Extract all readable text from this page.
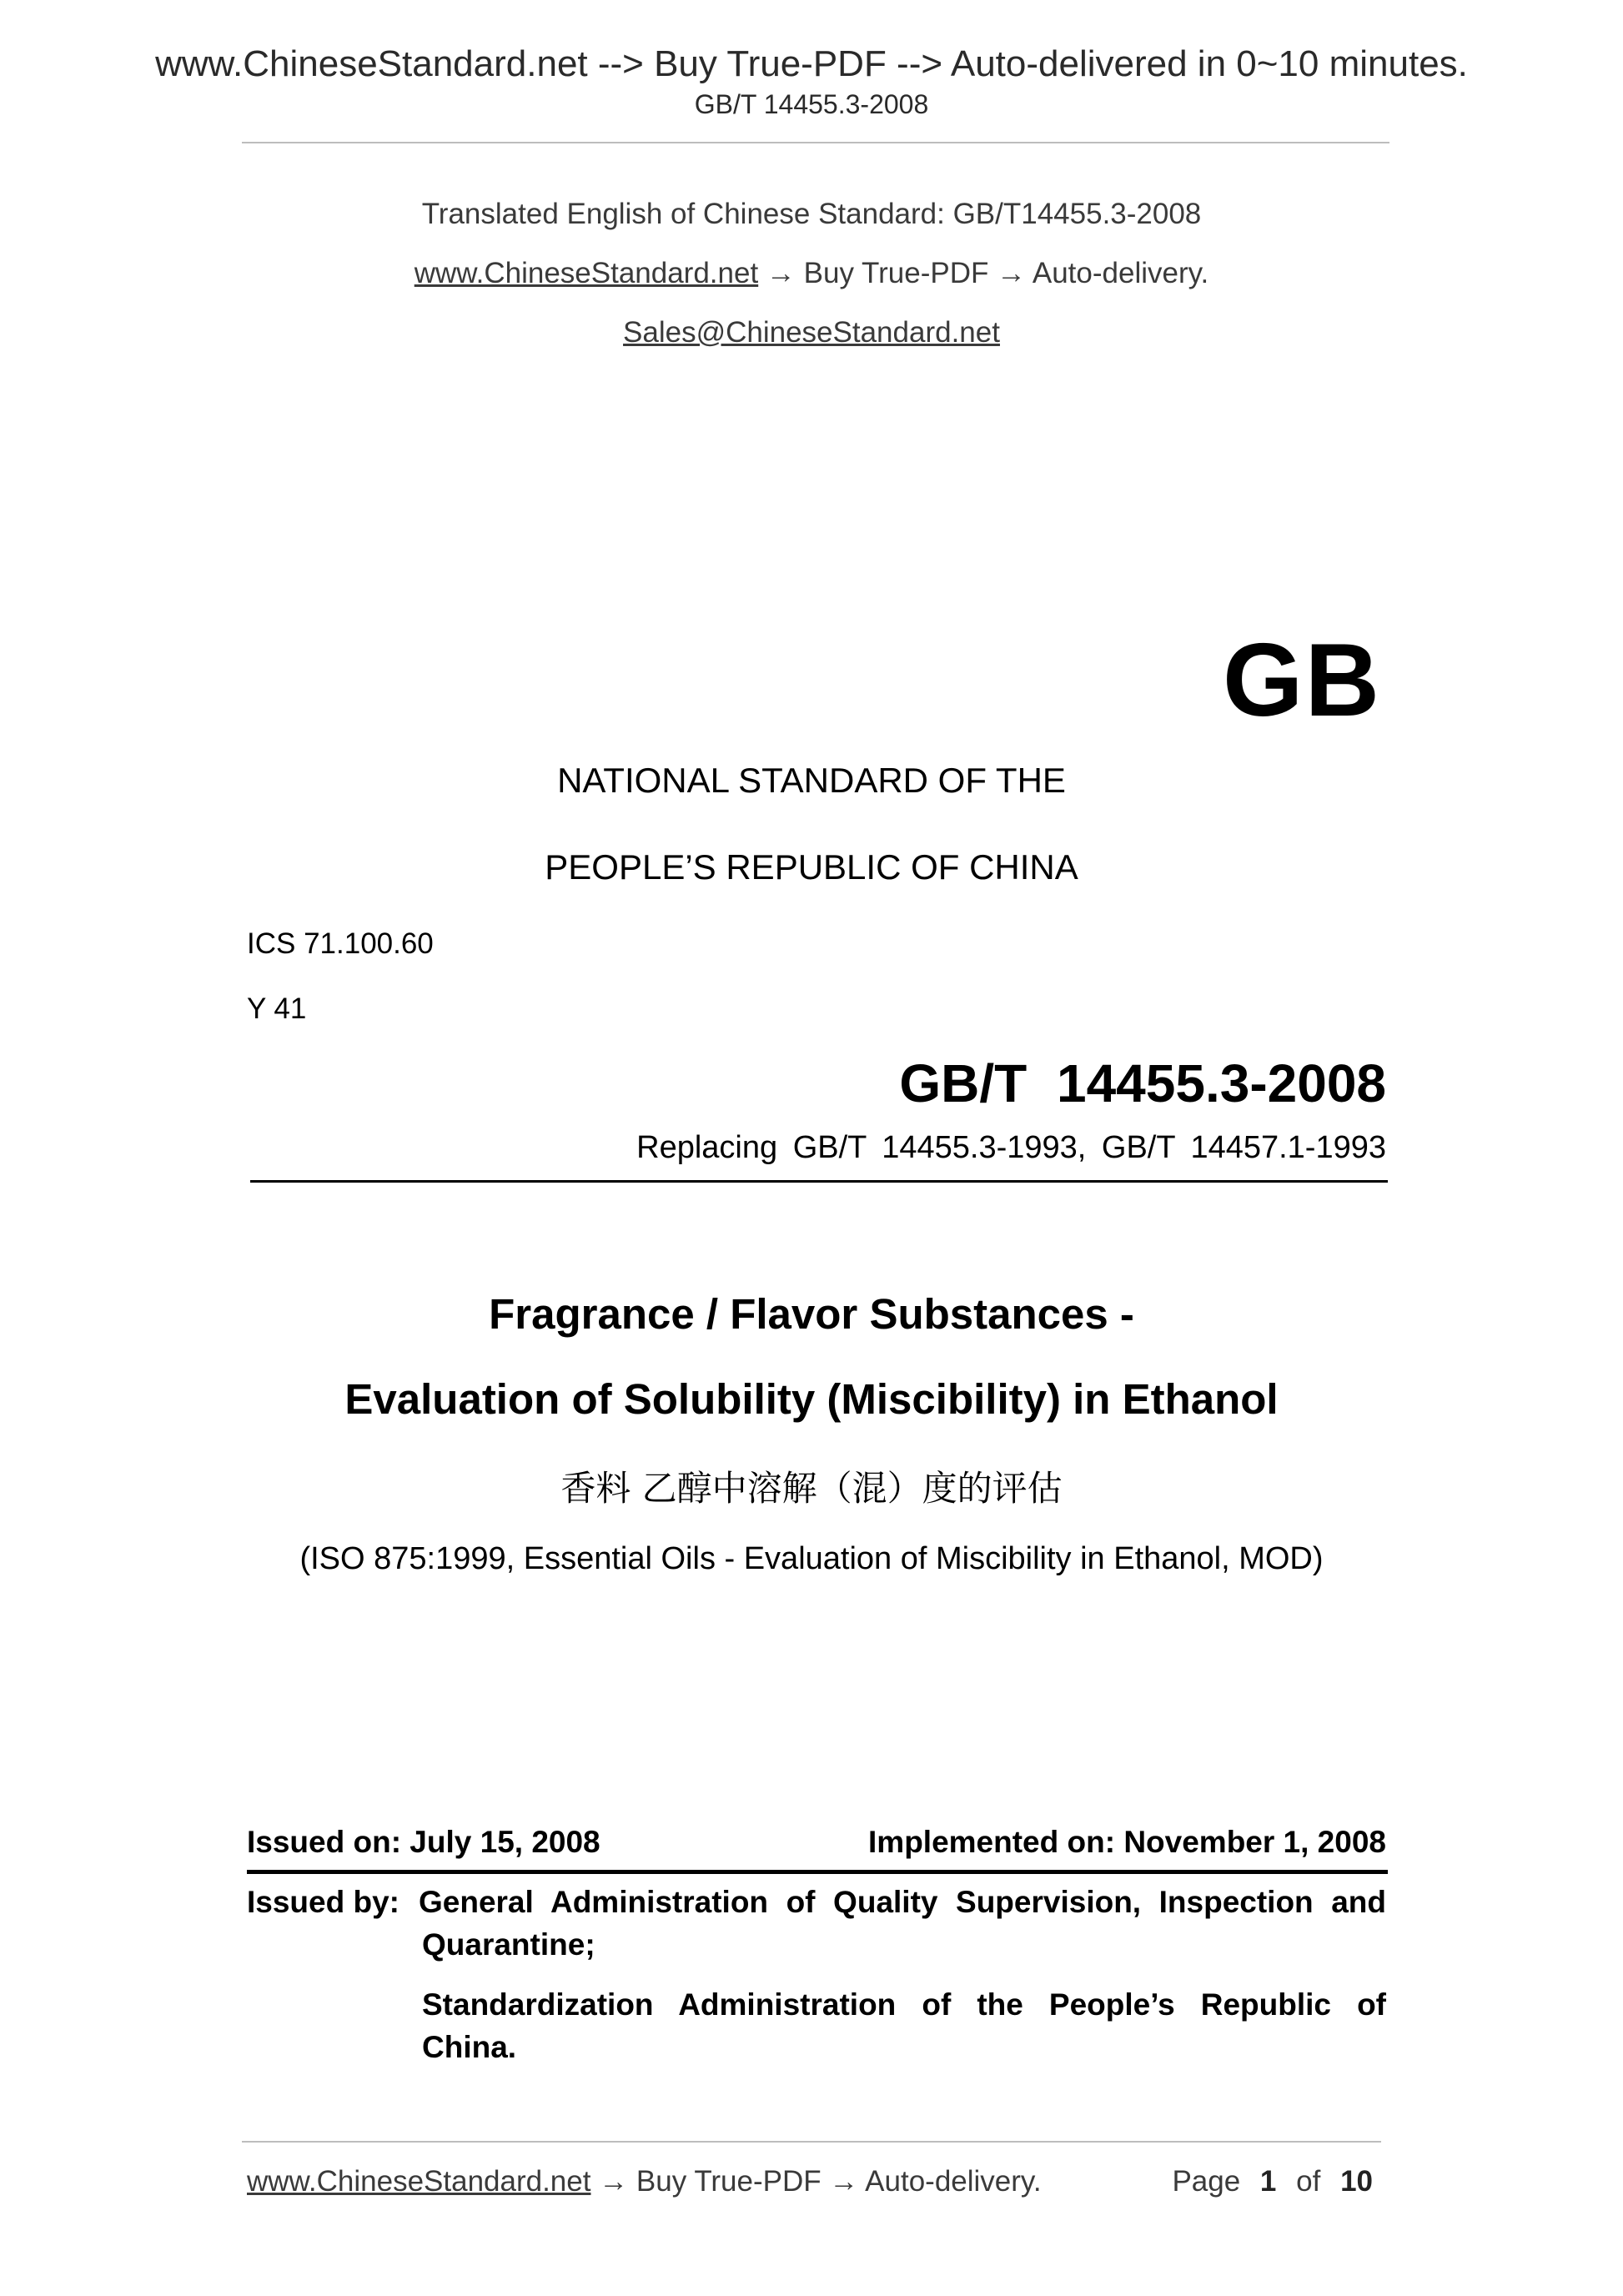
www.ChineseStandard.net --> Buy True-PDF --> Auto-delivered in 0~10 minutes.
GB/T 14455.3-2008
Translated English of Chinese Standard: GB/T14455.3-2008
www.ChineseStandard.net → Buy True-PDF → Auto-delivery.
Sales@ChineseStandard.net
GB
NATIONAL STANDARD OF THE
PEOPLE’S REPUBLIC OF CHINA
ICS 71.100.60
Y 41
GB/T 14455.3-2008
Replacing GB/T 14455.3-1993, GB/T 14457.1-1993
Fragrance / Flavor Substances -
Evaluation of Solubility (Miscibility) in Ethanol
香料 乙醇中溶解（混）度的评估
(ISO 875:1999, Essential Oils - Evaluation of Miscibility in Ethanol, MOD)
Issued on: July 15, 2008	Implemented on: November 1, 2008
Issued by: General Administration of Quality Supervision, Inspection and
Quarantine;
Standardization Administration of the People’s Republic of
China.
www.ChineseStandard.net → Buy True-PDF → Auto-delivery.	Page 1 of 10
